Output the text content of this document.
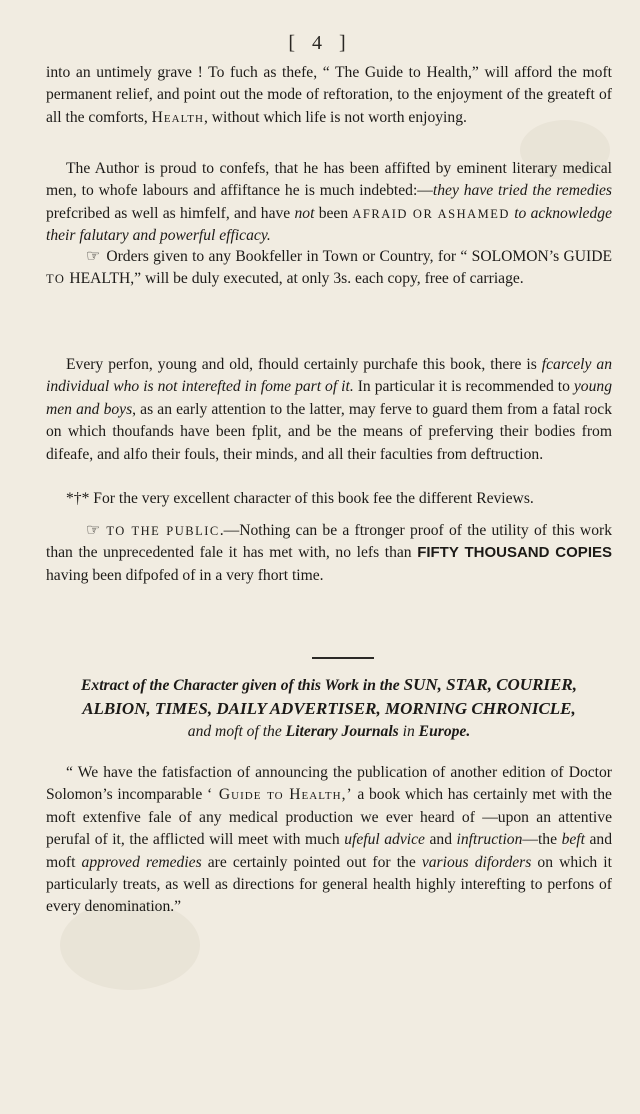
[ 4 ]
into an untimely grave ! To fuch as thefe, “ The Guide to Health,” will afford the moft permanent relief, and point out the mode of reftoration, to the enjoyment of the greateft of all the comforts, Health, without which life is not worth enjoying.
The Author is proud to confefs, that he has been affifted by eminent literary medical men, to whofe labours and affiftance he is much indebted:—they have tried the remedies prefcribed as well as himfelf, and have not been AFRAID OR ASHAMED to acknowledge their falutary and powerful efficacy.
☞ Orders given to any Bookfeller in Town or Country, for “ SOLOMON’s GUIDE TO HEALTH,” will be duly executed, at only 3s. each copy, free of carriage.
Every perfon, young and old, fhould certainly purchafe this book, there is fcarcely an individual who is not interefted in fome part of it. In particular it is recommended to young men and boys, as an early attention to the latter, may ferve to guard them from a fatal rock on which thoufands have been fplit, and be the means of preferving their bodies from difeafe, and alfo their fouls, their minds, and all their faculties from deftruction.
*†* For the very excellent character of this book fee the different Reviews.
☞ TO THE PUBLIC.—Nothing can be a ftronger proof of the utility of this work than the unprecedented fale it has met with, no lefs than FIFTY THOUSAND COPIES having been difpofed of in a very fhort time.
Extract of the Character given of this Work in the SUN, STAR, COURIER,
ALBION, TIMES, DAILY ADVERTISER, MORNING CHRONICLE,
and moft of the Literary Journals in Europe.
“ We have the fatisfaction of announcing the publication of another edition of Doctor Solomon’s incomparable ‘ Guide to Health,’ a book which has certainly met with the moft extenfive fale of any medical production we ever heard of —upon an attentive perufal of it, the afflicted will meet with much ufeful advice and inftruction—the beft and moft approved remedies are certainly pointed out for the various diforders on which it particularly treats, as well as directions for general health highly interefting to perfons of every denomination.”
